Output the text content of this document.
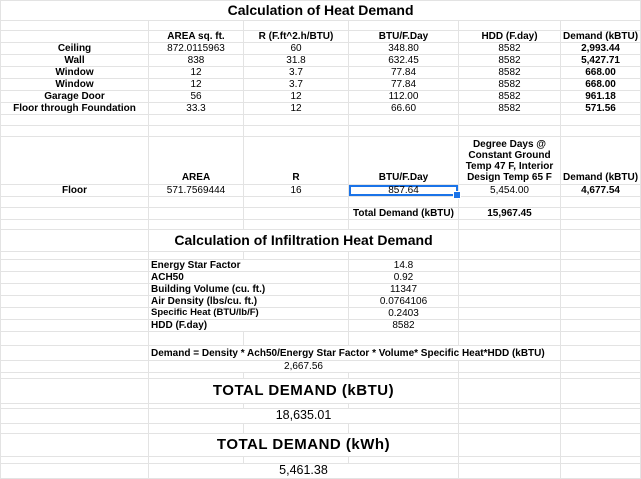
Calculation of Heat Demand					

	AREA sq. ft.	R (F.ft^2.h/BTU)	BTU/F.Day	HDD (F.day)	Demand (kBTU)
Ceiling	872.0115963	60	348.80	8582	2,993.44
Wall	838	31.8	632.45	8582	5,427.71
Window	12	3.7	77.84	8582	668.00
Window	12	3.7	77.84	8582	668.00
Garage Door	56	12	112.00	8582	961.18
Floor through Foundation	33.3	12	66.60	8582	571.56

	AREA	R	BTU/F.Day	Degree Days @
Constant Ground
Temp 47 F, Interior
Design Temp 65 F	Demand (kBTU)
Floor	571.7569444	16	857.64	5,454.00	4,677.54

			Total Demand (kBTU)	15,967.45	

	Calculation of Infiltration Heat Demand				

	Energy Star Factor		14.8		
	ACH50		0.92		
	Building Volume (cu. ft.)		11347		
	Air Density (lbs/cu. ft.)		0.0764106		
	Specific Heat (BTU/lb/F)		0.2403		
	HDD (F.day)		8582		

	Demand = Density * Ach50/Energy Star Factor * Volume* Specific Heat*HDD (kBTU)				
	2,667.56				

	TOTAL DEMAND (kBTU)				

	18,635.01				

	TOTAL DEMAND (kWh)				

	5,461.38				
